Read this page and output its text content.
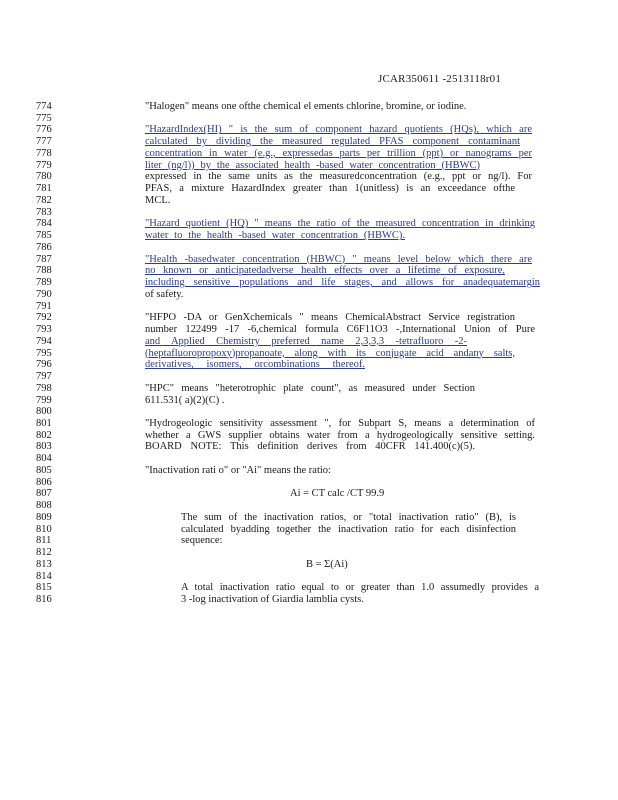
JCAR350611 -2513118r01
774
775
776
777
778
779
780
781
782
783
784
785
786
787
788
789
790
791
792
793
794
795
796
797
798
799
800
801
802
803
804
805
806
807
808
809
810
811
812
813
814
815
816
"Halogen" means one ofthe chemical el ements chlorine, bromine, or iodine.
"HazardIndex(HI) " is the sum of component hazard quotients (HQs), which are
calculated by dividing the measured regulated PFAS component contaminant
concentration in water (e.g., expressedas parts per trillion (ppt) or nanograms per
liter (ng/l)) by the associated health -based water concentration (HBWC)
expressed in the same units as the measuredconcentration (e.g., ppt or ng/l). For
PFAS, a mixture HazardIndex greater than 1(unitless) is an exceedance ofthe
MCL.
"Hazard quotient (HQ) " means the ratio of the measured concentration in drinking
water to the health -based water concentration (HBWC).
"Health -basedwater concentration (HBWC) " means level below which there are
no known or anticipatedadverse health effects over a lifetime of exposure,
including sensitive populations and life stages, and allows for anadequatemargin
of safety.
"HFPO -DA or GenXchemicals " means ChemicalAbstract Service registration
number 122499 -17 -6,chemical formula C6F11O3 -,International Union of Pure
and Applied Chemistry preferred name 2,3,3,3 -tetrafluoro -2-
(heptafluoropropoxy)propanoate, along with its conjugate acid andany salts,
derivatives, isomers, orcombinations thereof.
"HPC" means "heterotrophic plate count", as measured under Section
611.531( a)(2)(C) .
"Hydrogeologic sensitivity assessment ", for Subpart S, means a determination of
whether a GWS supplier obtains water from a hydrogeologically sensitive setting.
BOARD NOTE: This definition derives from 40CFR 141.400(c)(5).
"Inactivation rati o" or "Ai" means the ratio:
Ai = CT calc /CT 99.9
The sum of the inactivation ratios, or "total inactivation ratio" (B), is
calculated byadding together the inactivation ratio for each disinfection
sequence:
B = Σ(Ai)
A total inactivation ratio equal to or greater than 1.0 assumedly provides a
3 -log inactivation of Giardia lamblia cysts.
